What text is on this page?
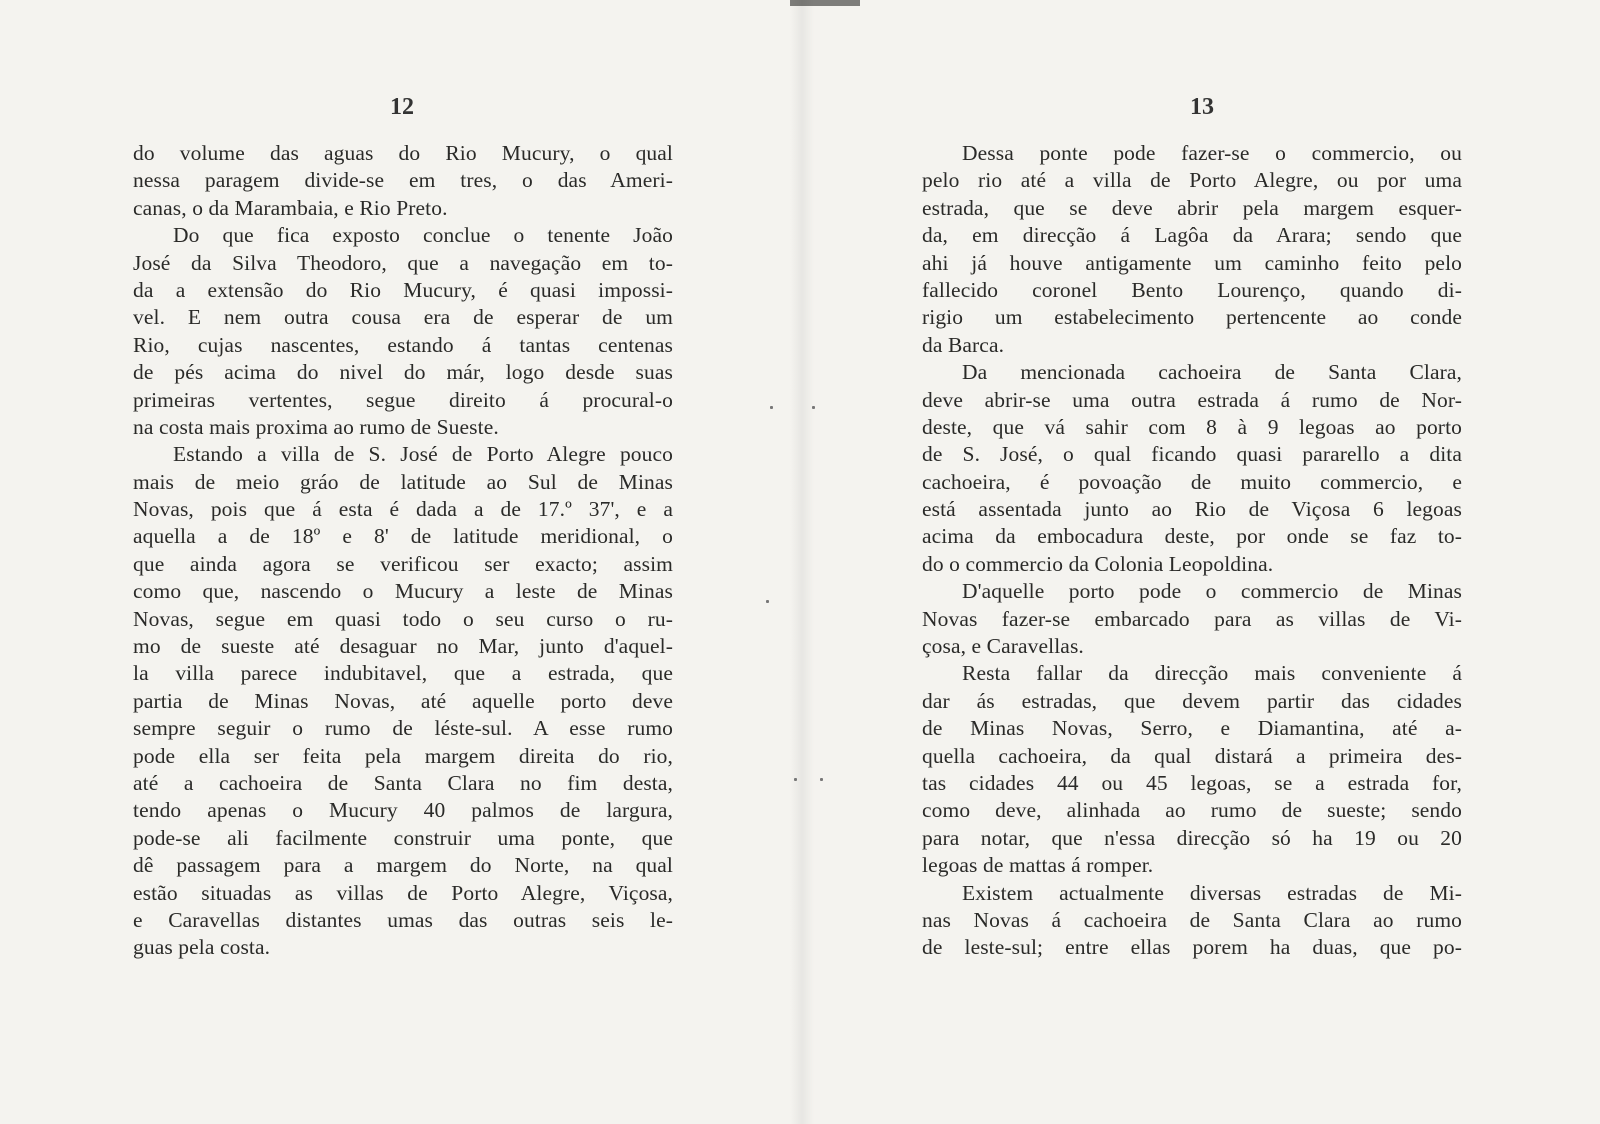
12
do volume das aguas do Rio Mucury, o qual
nessa paragem divide-se em tres, o das Ameri-
canas, o da Marambaia, e Rio Preto.
Do que fica exposto conclue o tenente João
José da Silva Theodoro, que a navegação em to-
da a extensão do Rio Mucury, é quasi impossi-
vel. E nem outra cousa era de esperar de um
Rio, cujas nascentes, estando á tantas centenas
de pés acima do nivel do már, logo desde suas
primeiras vertentes, segue direito á procural-o
na costa mais proxima ao rumo de Sueste.
Estando a villa de S. José de Porto Alegre pouco
mais de meio gráo de latitude ao Sul de Minas
Novas, pois que á esta é dada a de 17.º 37', e a
aquella a de 18º e 8' de latitude meridional, o
que ainda agora se verificou ser exacto; assim
como que, nascendo o Mucury a leste de Minas
Novas, segue em quasi todo o seu curso o ru-
mo de sueste até desaguar no Mar, junto d'aquel-
la villa parece indubitavel, que a estrada, que
partia de Minas Novas, até aquelle porto deve
sempre seguir o rumo de léste-sul. A esse rumo
pode ella ser feita pela margem direita do rio,
até a cachoeira de Santa Clara no fim desta,
tendo apenas o Mucury 40 palmos de largura,
pode-se ali facilmente construir uma ponte, que
dê passagem para a margem do Norte, na qual
estão situadas as villas de Porto Alegre, Viçosa,
e Caravellas distantes umas das outras seis le-
guas pela costa.
13
Dessa ponte pode fazer-se o commercio, ou
pelo rio até a villa de Porto Alegre, ou por uma
estrada, que se deve abrir pela margem esquer-
da, em direcção á Lagôa da Arara; sendo que
ahi já houve antigamente um caminho feito pelo
fallecido coronel Bento Lourenço, quando di-
rigio um estabelecimento pertencente ao conde
da Barca.
Da mencionada cachoeira de Santa Clara,
deve abrir-se uma outra estrada á rumo de Nor-
deste, que vá sahir com 8 à 9 legoas ao porto
de S. José, o qual ficando quasi pararello a dita
cachoeira, é povoação de muito commercio, e
está assentada junto ao Rio de Viçosa 6 legoas
acima da embocadura deste, por onde se faz to-
do o commercio da Colonia Leopoldina.
D'aquelle porto pode o commercio de Minas
Novas fazer-se embarcado para as villas de Vi-
çosa, e Caravellas.
Resta fallar da direcção mais conveniente á
dar ás estradas, que devem partir das cidades
de Minas Novas, Serro, e Diamantina, até a-
quella cachoeira, da qual distará a primeira des-
tas cidades 44 ou 45 legoas, se a estrada for,
como deve, alinhada ao rumo de sueste; sendo
para notar, que n'essa direcção só ha 19 ou 20
legoas de mattas á romper.
Existem actualmente diversas estradas de Mi-
nas Novas á cachoeira de Santa Clara ao rumo
de leste-sul; entre ellas porem ha duas, que po-
